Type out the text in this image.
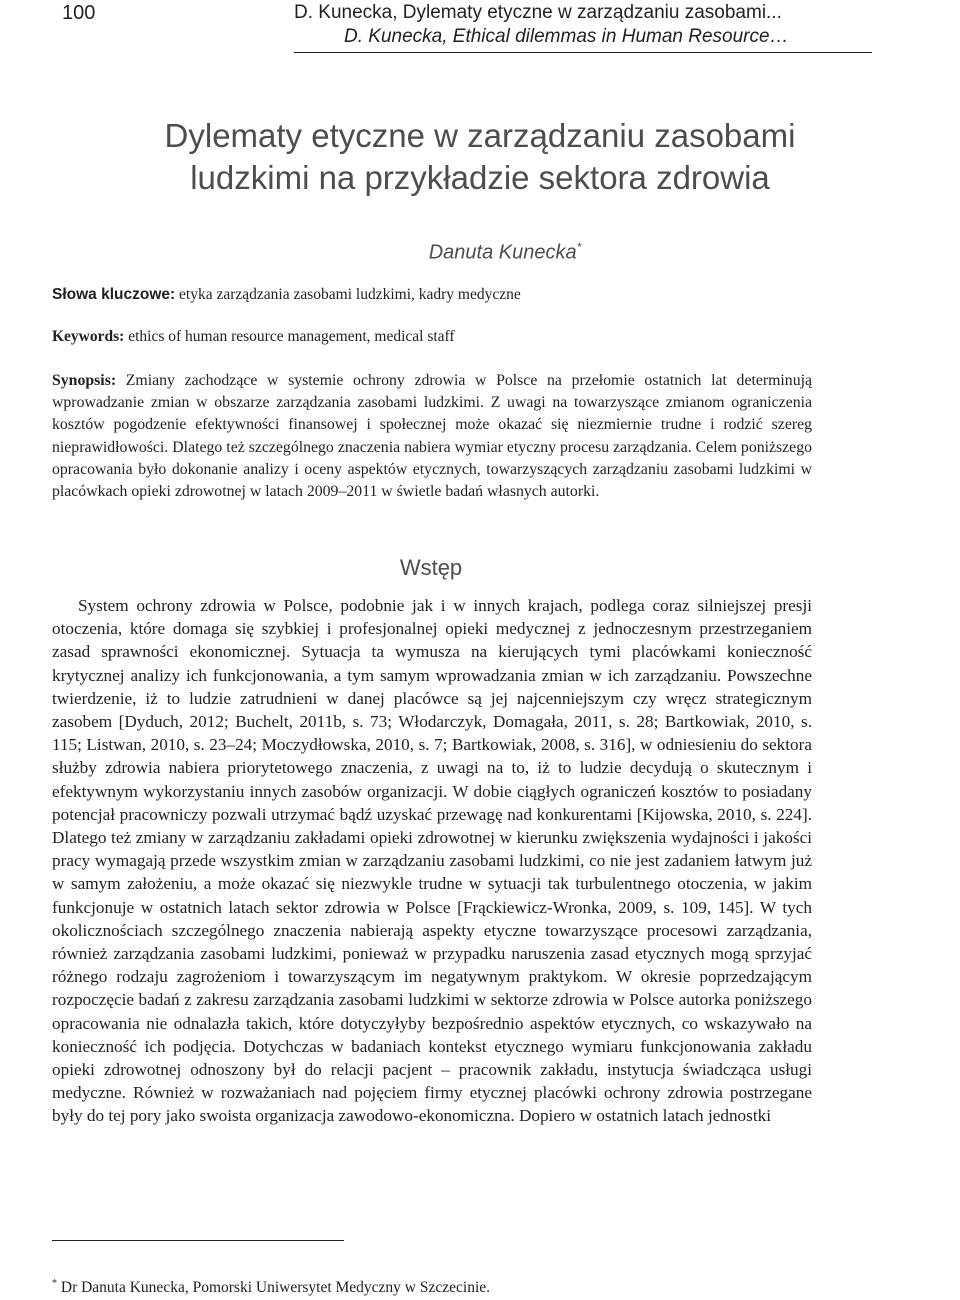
100	D. Kunecka, Dylematy etyczne w zarządzaniu zasobami...
D. Kunecka, Ethical dilemmas in Human Resource…
Dylematy etyczne w zarządzaniu zasobami
ludzkimi na przykładzie sektora zdrowia
Danuta Kunecka*
Słowa kluczowe: etyka zarządzania zasobami ludzkimi, kadry medyczne
Keywords: ethics of human resource management, medical staff

Synopsis: Zmiany zachodzące w systemie ochrony zdrowia w Polsce na przełomie ostatnich lat determinują wprowadzanie zmian w obszarze zarządzania zasobami ludzkimi. Z uwagi na towarzyszące zmianom ograniczenia kosztów pogodzenie efektywności finansowej i społecznej może okazać się niezmiernie trudne i rodzić szereg nieprawidłowości. Dlatego też szczególnego znaczenia nabiera wymiar etyczny procesu zarządzania. Celem poniższego opracowania było dokonanie analizy i oceny aspektów etycznych, towarzyszących zarządzaniu zasobami ludzkimi w placówkach opieki zdrowotnej w latach 2009–2011 w świetle badań własnych autorki.

Wstęp

System ochrony zdrowia w Polsce, podobnie jak i w innych krajach, podlega coraz silniejszej presji otoczenia, które domaga się szybkiej i profesjonalnej opieki medycznej z jednoczesnym przestrzeganiem zasad sprawności ekonomicznej. Sytuacja ta wymusza na kierujących tymi placówkami konieczność krytycznej analizy ich funkcjonowania, a tym samym wprowadzania zmian w ich zarządzaniu. Powszechne twierdzenie, iż to ludzie zatrudnieni w danej placówce są jej najcenniejszym czy wręcz strategicznym zasobem [Dyduch, 2012; Buchelt, 2011b, s. 73; Włodarczyk, Domagała, 2011, s. 28; Bartkowiak, 2010, s. 115; Listwan, 2010, s. 23–24; Moczydłowska, 2010, s. 7; Bartkowiak, 2008, s. 316], w odniesieniu do sektora służby zdrowia nabiera priorytetowego znaczenia, z uwagi na to, iż to ludzie decydują o skutecznym i efektywnym wykorzystaniu innych zasobów organizacji. W dobie ciągłych ograniczeń kosztów to posiadany potencjał pracowniczy pozwali utrzymać bądź uzyskać przewagę nad konkurentami [Kijowska, 2010, s. 224]. Dlatego też zmiany w zarządzaniu zakładami opieki zdrowotnej w kierunku zwiększenia wydajności i jakości pracy wymagają przede wszystkim zmian w zarządzaniu zasobami ludzkimi, co nie jest zadaniem łatwym już w samym założeniu, a może okazać się niezwykle trudne w sytuacji tak turbulentnego otoczenia, w jakim funkcjonuje w ostatnich latach sektor zdrowia w Polsce [Frąckiewicz-Wronka, 2009, s. 109, 145]. W tych okolicznościach szczególnego znaczenia nabierają aspekty etyczne towarzyszące procesowi zarządzania, również zarządzania zasobami ludzkimi, ponieważ w przypadku naruszenia zasad etycznych mogą sprzyjać różnego rodzaju zagrożeniom i towarzyszącym im negatywnym praktykom. W okresie poprzedzającym rozpoczęcie badań z zakresu zarządzania zasobami ludzkimi w sektorze zdrowia w Polsce autorka poniższego opracowania nie odnalazła takich, które dotyczyłyby bezpośrednio aspektów etycznych, co wskazywało na konieczność ich podjęcia. Dotychczas w badaniach kontekst etycznego wymiaru funkcjonowania zakładu opieki zdrowotnej odnoszony był do relacji pacjent – pracownik zakładu, instytucja świadcząca usługi medyczne. Również w rozważaniach nad pojęciem firmy etycznej placówki ochrony zdrowia postrzegane były do tej pory jako swoista organizacja zawodowo-ekonomiczna. Dopiero w ostatnich latach jednostki

* Dr Danuta Kunecka, Pomorski Uniwersytet Medyczny w Szczecinie.
